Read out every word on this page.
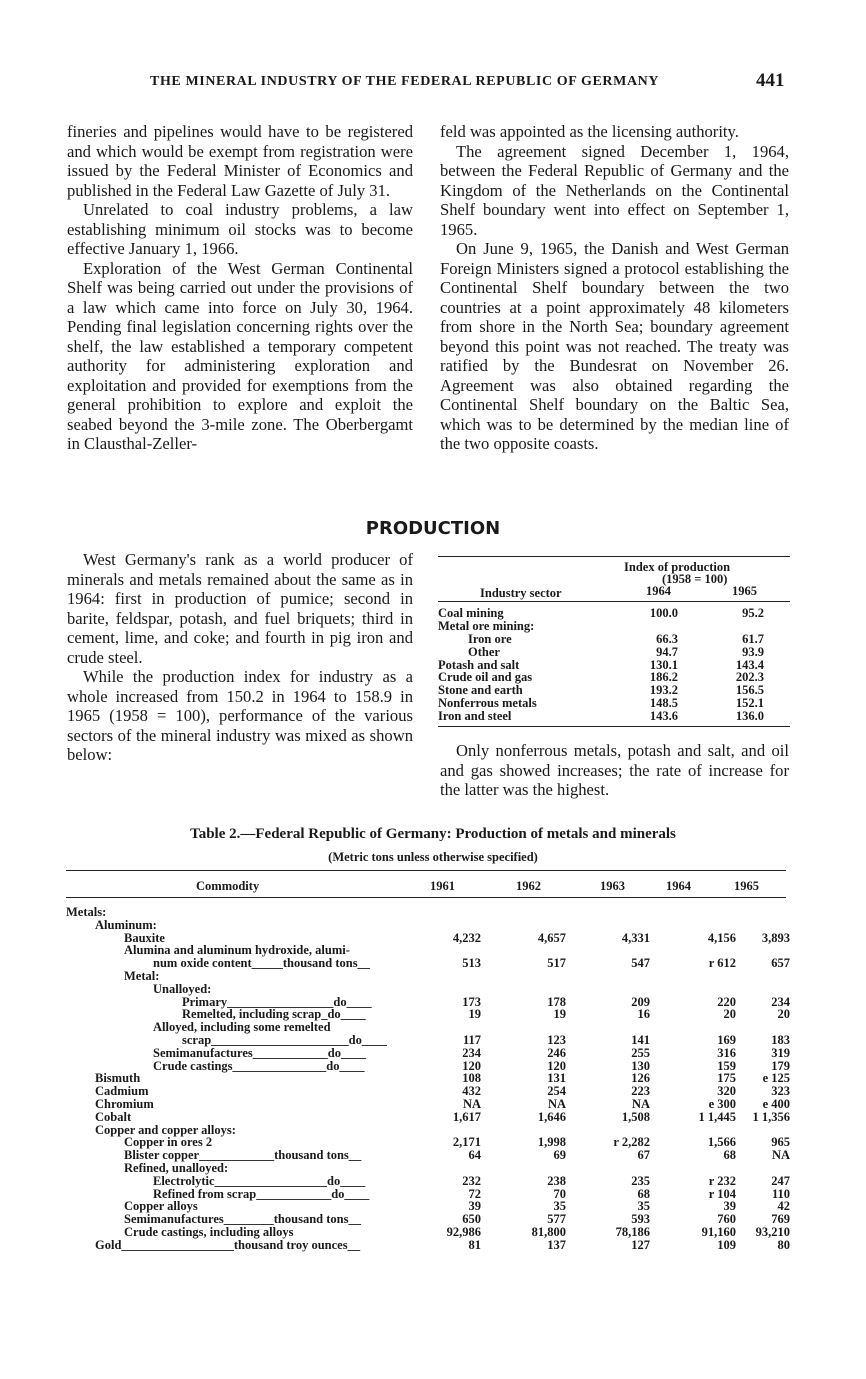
THE MINERAL INDUSTRY OF THE FEDERAL REPUBLIC OF GERMANY	441

fineries and pipelines would have to be registered and which would be exempt from registration were issued by the Federal Minister of Economics and published in the Federal Law Gazette of July 31.

Unrelated to coal industry problems, a law establishing minimum oil stocks was to become effective January 1, 1966.

Exploration of the West German Continental Shelf was being carried out under the provisions of a law which came into force on July 30, 1964. Pending final legislation concerning rights over the shelf, the law established a temporary competent authority for administering exploration and exploitation and provided for exemptions from the general prohibition to explore and exploit the seabed beyond the 3-mile zone. The Oberbergamt in Clausthal-Zeller-

feld was appointed as the licensing authority.

The agreement signed December 1, 1964, between the Federal Republic of Germany and the Kingdom of the Netherlands on the Continental Shelf boundary went into effect on September 1, 1965.

On June 9, 1965, the Danish and West German Foreign Ministers signed a protocol establishing the Continental Shelf boundary between the two countries at a point approximately 48 kilometers from shore in the North Sea; boundary agreement beyond this point was not reached. The treaty was ratified by the Bundesrat on November 26. Agreement was also obtained regarding the Continental Shelf boundary on the Baltic Sea, which was to be determined by the median line of the two opposite coasts.

PRODUCTION

West Germany's rank as a world producer of minerals and metals remained about the same as in 1964: first in production of pumice; second in barite, feldspar, potash, and fuel briquets; third in cement, lime, and coke; and fourth in pig iron and crude steel.

While the production index for industry as a whole increased from 150.2 in 1964 to 158.9 in 1965 (1958 = 100), performance of the various sectors of the mineral industry was mixed as shown below:

Index of production
(1958 = 100)
Industry sector	1964	1965
Coal mining	100.0	95.2
Metal ore mining:
Iron ore	66.3	61.7
Other	94.7	93.9
Potash and salt	130.1	143.4
Crude oil and gas	186.2	202.3
Stone and earth	193.2	156.5
Nonferrous metals	148.5	152.1
Iron and steel	143.6	136.0

Only nonferrous metals, potash and salt, and oil and gas showed increases; the rate of increase for the latter was the highest.

Table 2.—Federal Republic of Germany: Production of metals and minerals
(Metric tons unless otherwise specified)
Commodity	1961	1962	1963	1964	1965
Metals:
Aluminum:
Bauxite	4,232	4,657	4,331	4,156	3,893
Alumina and aluminum hydroxide, alumi-
num oxide content_____thousand tons__	513	517	547	r 612	657
Metal:
Unalloyed:
Primary_________________do____	173	178	209	220	234
Remelted, including scrap_do____	19	19	16	20	20
Alloyed, including some remelted
scrap______________________do____	117	123	141	169	183
Semimanufactures____________do____	234	246	255	316	319
Crude castings_______________do____	120	120	130	159	179
Bismuth	108	131	126	175	e 125
Cadmium	432	254	223	320	323
Chromium	NA	NA	NA	e 300	e 400
Cobalt	1,617	1,646	1,508	1 1,445	1 1,356
Copper and copper alloys:
Copper in ores 2	2,171	1,998	r 2,282	1,566	965
Blister copper____________thousand tons__	64	69	67	68	NA
Refined, unalloyed:
Electrolytic__________________do____	232	238	235	r 232	247
Refined from scrap____________do____	72	70	68	r 104	110
Copper alloys	39	35	35	39	42
Semimanufactures________thousand tons__	650	577	593	760	769
Crude castings, including alloys	92,986	81,800	78,186	91,160	93,210
Gold__________________thousand troy ounces__	81	137	127	109	80
